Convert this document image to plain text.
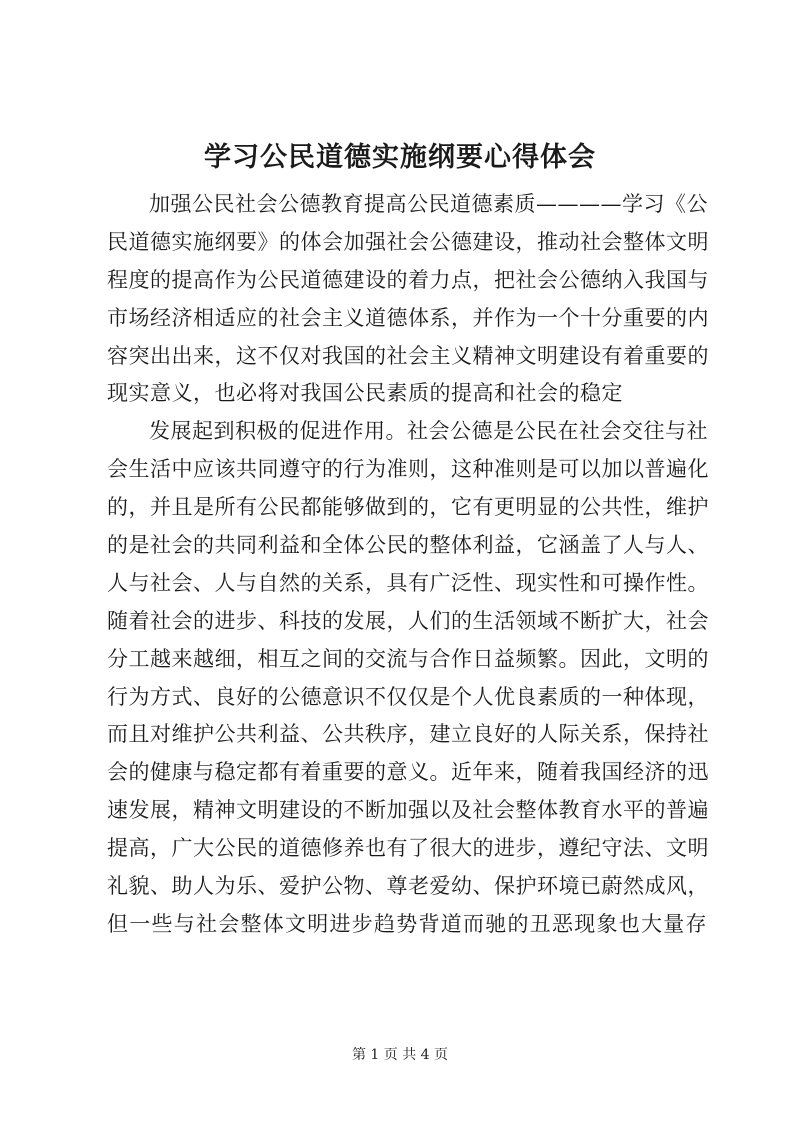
学习公民道德实施纲要心得体会
加强公民社会公德教育提高公民道德素质————学习《公
民道德实施纲要》的体会加强社会公德建设，推动社会整体文明
程度的提高作为公民道德建设的着力点，把社会公德纳入我国与
市场经济相适应的社会主义道德体系，并作为一个十分重要的内
容突出出来，这不仅对我国的社会主义精神文明建设有着重要的
现实意义，也必将对我国公民素质的提高和社会的稳定
发展起到积极的促进作用。社会公德是公民在社会交往与社
会生活中应该共同遵守的行为准则，这种准则是可以加以普遍化
的，并且是所有公民都能够做到的，它有更明显的公共性，维护
的是社会的共同利益和全体公民的整体利益，它涵盖了人与人、
人与社会、人与自然的关系，具有广泛性、现实性和可操作性。
随着社会的进步、科技的发展，人们的生活领域不断扩大，社会
分工越来越细，相互之间的交流与合作日益频繁。因此，文明的
行为方式、良好的公德意识不仅仅是个人优良素质的一种体现，
而且对维护公共利益、公共秩序，建立良好的人际关系，保持社
会的健康与稳定都有着重要的意义。近年来，随着我国经济的迅
速发展，精神文明建设的不断加强以及社会整体教育水平的普遍
提高，广大公民的道德修养也有了很大的进步，遵纪守法、文明
礼貌、助人为乐、爱护公物、尊老爱幼、保护环境已蔚然成风，
但一些与社会整体文明进步趋势背道而驰的丑恶现象也大量存
第 1 页 共 4 页
